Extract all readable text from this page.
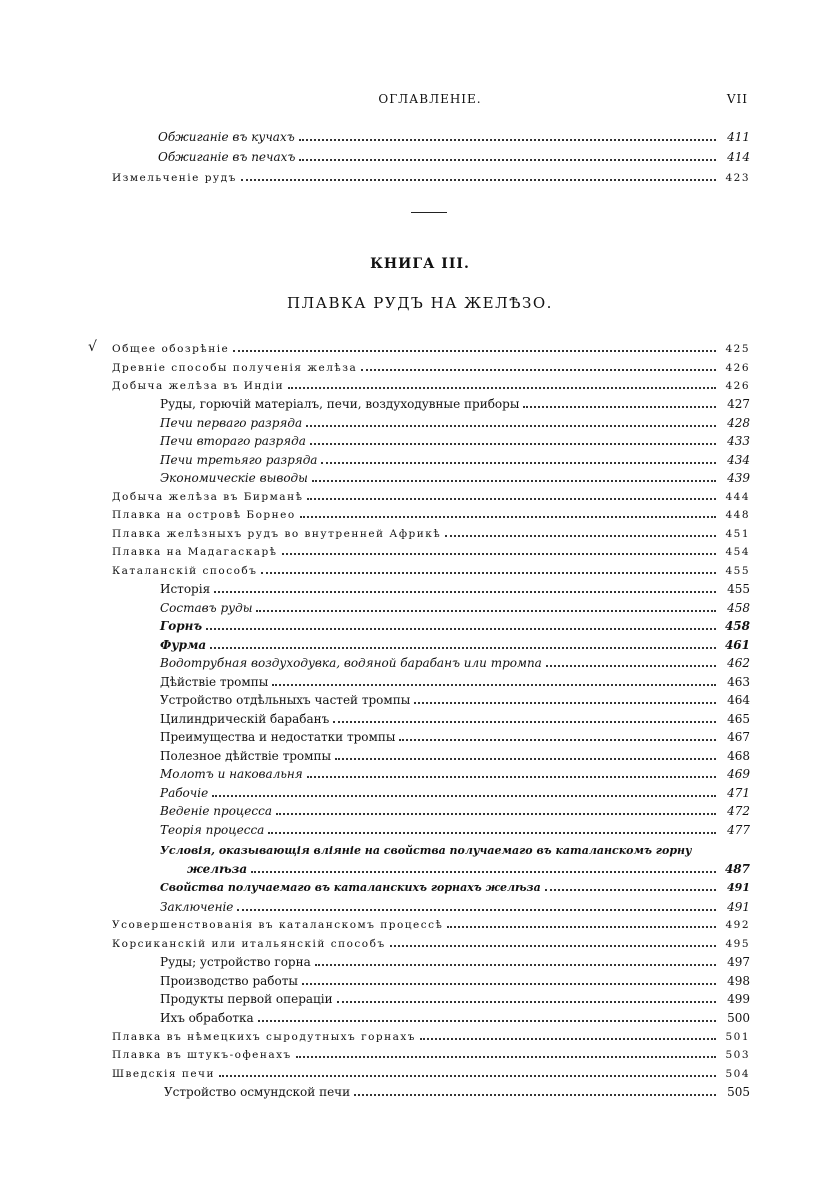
ОГЛАВЛЕНIЕ.	VII
Обжиганіе въ кучахъ	411
Обжиганіе въ печахъ	414
Измельченіе рудъ	423
КНИГА III.
ПЛАВКА РУДЪ НА ЖЕЛѢЗО.
√ Общее обозрѣніе	425
Древніе способы полученія желѣза	426
Добыча желѣза въ Индіи	426
Руды, горючій матеріалъ, печи, воздуходувные приборы	427
Печи перваго разряда	428
Печи втораго разряда	433
Печи третьяго разряда	434
Экономическіе выводы	439
Добыча желѣза въ Бирманѣ	444
Плавка на островѣ Борнео	448
Плавка желѣзныхъ рудъ во внутренней Африкѣ	451
Плавка на Мадагаскарѣ	454
Каталанскій способъ	455
Исторія	455
Составъ руды	458
Горнъ	458
Фурма	461
Водотрубная воздуходувка, водяной барабанъ или тромпа	462
Дѣйствіе тромпы	463
Устройство отдѣльныхъ частей тромпы	464
Цилиндрическій барабанъ	465
Преимущества и недостатки тромпы	467
Полезное дѣйствіе тромпы	468
Молотъ и наковальня	469
Рабочіе	471
Веденіе процесса	472
Теорія процесса	477
Условія, оказывающія вліяніе на свойства получаемаго въ каталанскомъ горну
желѣза	487
Свойства получаемаго въ каталанскихъ горнахъ желѣза	491
Заключеніе	491
Усовершенствованія въ каталанскомъ процессѣ	492
Корсиканскій или итальянскій способъ	495
Руды; устройство горна	497
Производство работы	498
Продукты первой операціи	499
Ихъ обработка	500
Плавка въ нѣмецкихъ сыродутныхъ горнахъ	501
Плавка въ штукъ-офенахъ	503
Шведскія печи	504
Устройство осмундской печи	505
